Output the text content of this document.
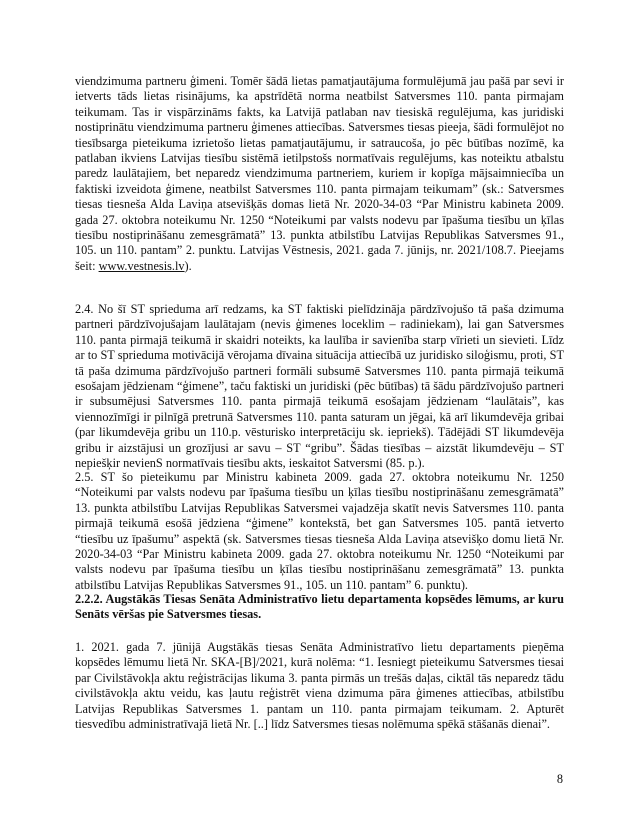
viendzimuma partneru ģimeni. Tomēr šādā lietas pamatjautājuma formulējumā jau pašā par sevi ir ietverts tāds lietas risinājums, ka apstrīdētā norma neatbilst Satversmes 110. panta pirmajam teikumam. Tas ir vispārzināms fakts, ka Latvijā patlaban nav tiesiskā regulējuma, kas juridiski nostiprinātu viendzimuma partneru ģimenes attiecības. Satversmes tiesas pieeja, šādi formulējot no tiesībsarga pieteikuma izrietošo lietas pamatjautājumu, ir satraucoša, jo pēc būtības nozīmē, ka patlaban ikviens Latvijas tiesību sistēmā ietilpstošs normatīvais regulējums, kas noteiktu atbalstu paredz laulātajiem, bet neparedz viendzimuma partneriem, kuriem ir kopīga mājsaimniecība un faktiski izveidota ģimene, neatbilst Satversmes 110. panta pirmajam teikumam” (sk.: Satversmes tiesas tiesneša Alda Laviņa atsevišķās domas lietā Nr. 2020-34-03 “Par Ministru kabineta 2009. gada 27. oktobra noteikumu Nr. 1250 “Noteikumi par valsts nodevu par īpašuma tiesību un ķīlas tiesību nostiprināšanu zemesgrāmatā” 13. punkta atbilstību Latvijas Republikas Satversmes 91., 105. un 110. pantam” 2. punktu. Latvijas Vēstnesis, 2021. gada 7. jūnijs, nr. 2021/108.7. Pieejams šeit: www.vestnesis.lv).

2.4. No šī ST sprieduma arī redzams, ka ST faktiski pielīdzināja pārdzīvojušo tā paša dzimuma partneri pārdzīvojušajam laulātajam (nevis ģimenes loceklim – radiniekam), lai gan Satversmes 110. panta pirmajā teikumā ir skaidri noteikts, ka laulība ir savienība starp vīrieti un sievieti. Līdz ar to ST sprieduma motivācijā vērojama dīvaina situācija attiecībā uz juridisko siloģismu, proti, ST tā paša dzimuma pārdzīvojušo partneri formāli subsumē Satversmes 110. panta pirmajā teikumā esošajam jēdzienam “ģimene”, taču faktiski un juridiski (pēc būtības) tā šādu pārdzīvojušo partneri ir subsumējusi Satversmes 110. panta pirmajā teikumā esošajam jēdzienam “laulātais”, kas viennozīmīgi ir pilnīgā pretrunā Satversmes 110. panta saturam un jēgai, kā arī likumdevēja gribai (par likumdevēja gribu un 110.p. vēsturisko interpretāciju sk. iepriekš). Tādējādi ST likumdevēja gribu ir aizstājusi un grozījusi ar savu – ST “gribu”. Šādas tiesības – aizstāt likumdevēju – ST nepiešķir nevienS normatīvais tiesību akts, ieskaitot Satversmi (85. p.).

2.5. ST šo pieteikumu par Ministru kabineta 2009. gada 27. oktobra noteikumu Nr. 1250 “Noteikumi par valsts nodevu par īpašuma tiesību un ķīlas tiesību nostiprināšanu zemesgrāmatā” 13. punkta atbilstību Latvijas Republikas Satversmei vajadzēja skatīt nevis Satversmes 110. panta pirmajā teikumā esošā jēdziena “ģimene” kontekstā, bet gan Satversmes 105. pantā ietverto “tiesību uz īpašumu” aspektā (sk. Satversmes tiesas tiesneša Alda Laviņa atsevišķo domu lietā Nr. 2020-34-03 “Par Ministru kabineta 2009. gada 27. oktobra noteikumu Nr. 1250 “Noteikumi par valsts nodevu par īpašuma tiesību un ķīlas tiesību nostiprināšanu zemesgrāmatā” 13. punkta atbilstību Latvijas Republikas Satversmes 91., 105. un 110. pantam” 6. punktu).

2.2.2. Augstākās Tiesas Senāta Administratīvo lietu departamenta kopsēdes lēmums, ar kuru Senāts vēršas pie Satversmes tiesas.

1. 2021. gada 7. jūnijā Augstākās tiesas Senāta Administratīvo lietu departaments pieņēma kopsēdes lēmumu lietā Nr. SKA-[B]/2021, kurā nolēma: “1. Iesniegt pieteikumu Satversmes tiesai par Civilstāvokļa aktu reģistrācijas likuma 3. panta pirmās un trešās daļas, ciktāl tās neparedz tādu civilstāvokļa aktu veidu, kas ļautu reģistrēt viena dzimuma pāra ģimenes attiecības, atbilstību Latvijas Republikas Satversmes 1. pantam un 110. panta pirmajam teikumam. 2. Apturēt tiesvedību administratīvajā lietā Nr. [..] līdz Satversmes tiesas nolēmuma spēkā stāšanās dienai”.

8
